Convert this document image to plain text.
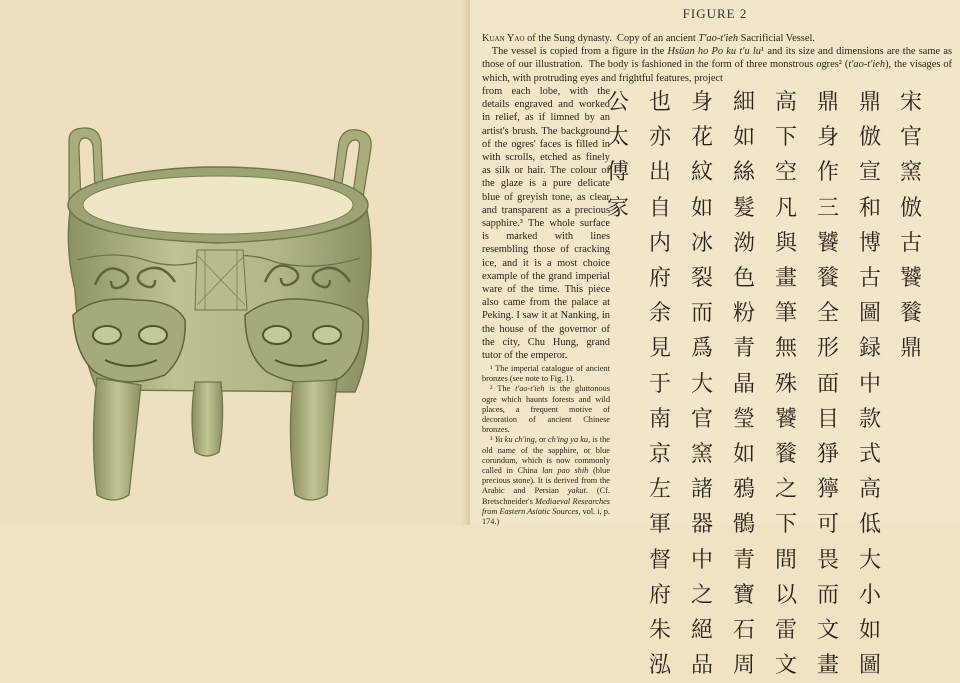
FIGURE 2

Kuan Yao of the Sung dynasty.  Copy of an ancient T'ao-t'ieh Sacrificial Vessel.
The vessel is copied from a figure in the Hsüan ho Po ku t'u lu¹ and its size and dimensions are the same as those of our illustration.  The body is fashioned in the form of three monstrous ogres² (t'ao-t'ieh), the visages of which, with protruding eyes and frightful features, project

from each lobe, with the details engraved and worked in relief, as if limned by an artist's brush. The background of the ogres' faces is filled in with scrolls, etched as finely as silk or hair. The colour of the glaze is a pure delicate blue of greyish tone, as clear and transparent as a precious sapphire.³ The whole surface is marked with lines resembling those of cracking ice, and it is a most choice example of the grand imperial ware of the time. This piece also came from the palace at Peking. I saw it at Nanking, in the house of the governor of the city, Chu Hung, grand tutor of the emperor.

¹ The imperial catalogue of ancient bronzes (see note to Fig. 1).

² The t'ao-t'ieh is the gluttonous ogre which haunts forests and wild places, a frequent motive of decoration of ancient Chinese bronzes.

³ Ya ku ch'ing, or ch'ing ya ku, is the old name of the sapphire, or blue corundum, which is now commonly called in China lan pao shih (blue precious stone). It is derived from the Arabic and Persian yakut. (Cf. Bretschneider's Mediaeval Researches from Eastern Asiatic Sources, vol. i, p. 174.)

宋官窯倣古饕餮鼎
鼎倣宣和博古圖録中款式高低大小如圖
鼎身作三饕餮全形面目猙獰可畏而文畫
高下空凡與畫筆無殊饕餮之下間以雷文
細如絲髮泑色粉青晶瑩如鴉鶻青寶石周
身花紋如冰裂而爲大官窯諸器中之絕品
也亦出自内府余見于南京左軍督府朱泓
公太傅家
